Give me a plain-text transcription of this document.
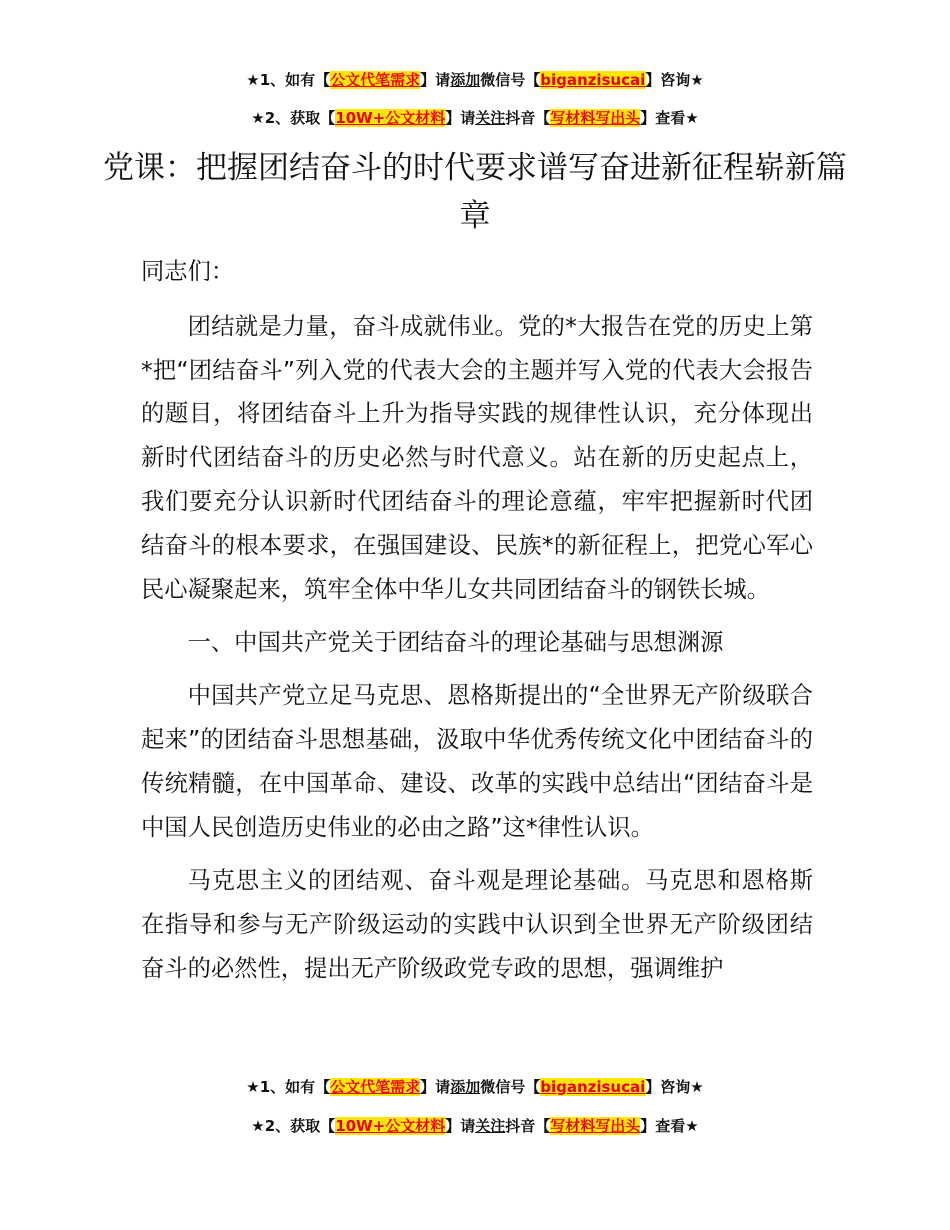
★1、如有【公文代笔需求】请添加微信号【biganzisucai】咨询★
★2、获取【10W+公文材料】请关注抖音【写材料写出头】查看★
党课：把握团结奋斗的时代要求谱写奋进新征程崭新篇章

同志们：

团结就是力量，奋斗成就伟业。党的*大报告在党的历史上第*把“团结奋斗”列入党的代表大会的主题并写入党的代表大会报告的题目，将团结奋斗上升为指导实践的规律性认识，充分体现出新时代团结奋斗的历史必然与时代意义。站在新的历史起点上，我们要充分认识新时代团结奋斗的理论意蕴，牢牢把握新时代团结奋斗的根本要求，在强国建设、民族*的新征程上，把党心军心民心凝聚起来，筑牢全体中华儿女共同团结奋斗的钢铁长城。

一、中国共产党关于团结奋斗的理论基础与思想渊源

中国共产党立足马克思、恩格斯提出的“全世界无产阶级联合起来”的团结奋斗思想基础，汲取中华优秀传统文化中团结奋斗的传统精髓，在中国革命、建设、改革的实践中总结出“团结奋斗是中国人民创造历史伟业的必由之路”这*律性认识。

马克思主义的团结观、奋斗观是理论基础。马克思和恩格斯在指导和参与无产阶级运动的实践中认识到全世界无产阶级团结奋斗的必然性，提出无产阶级政党专政的思想，强调维护

★1、如有【公文代笔需求】请添加微信号【biganzisucai】咨询★
★2、获取【10W+公文材料】请关注抖音【写材料写出头】查看★
